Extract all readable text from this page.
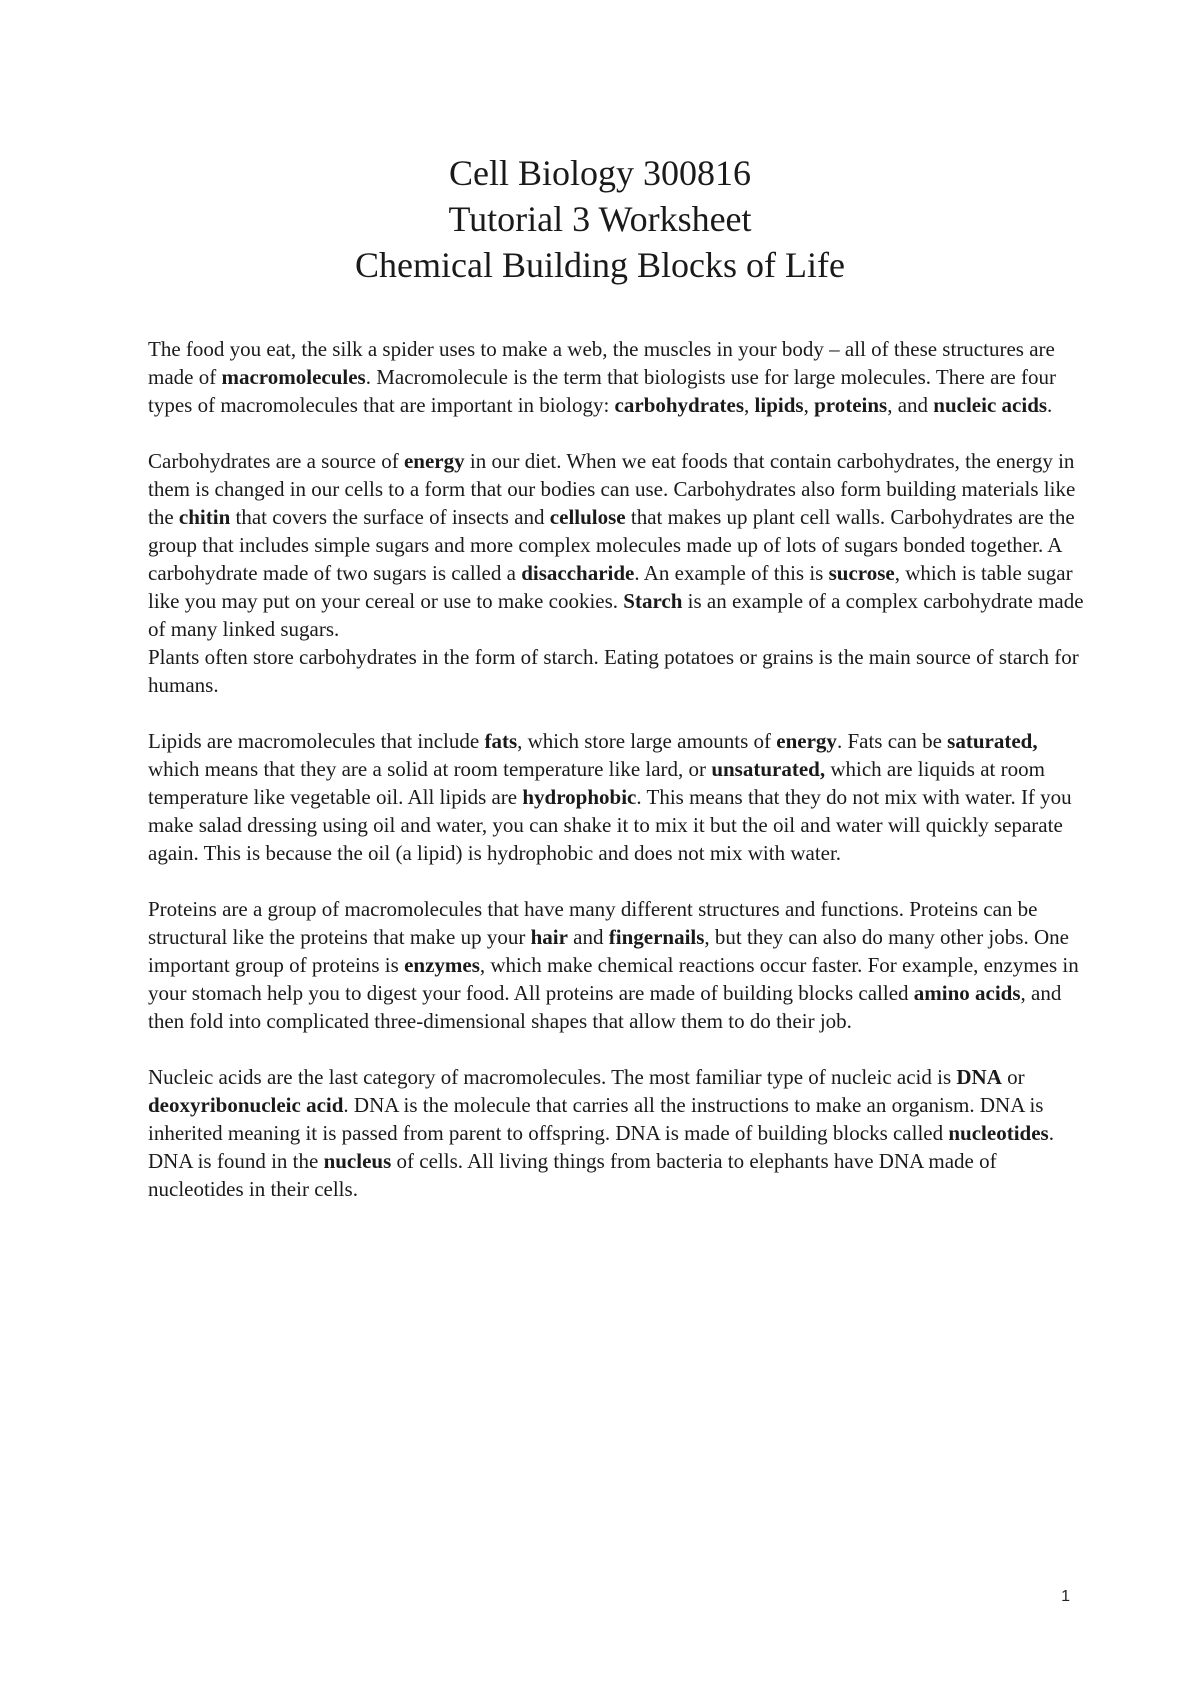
Cell Biology 300816
Tutorial 3 Worksheet
Chemical Building Blocks of Life

The food you eat, the silk a spider uses to make a web, the muscles in your body – all of these structures are made of macromolecules. Macromolecule is the term that biologists use for large molecules. There are four types of macromolecules that are important in biology: carbohydrates, lipids, proteins, and nucleic acids.

Carbohydrates are a source of energy in our diet. When we eat foods that contain carbohydrates, the energy in them is changed in our cells to a form that our bodies can use. Carbohydrates also form building materials like the chitin that covers the surface of insects and cellulose that makes up plant cell walls. Carbohydrates are the group that includes simple sugars and more complex molecules made up of lots of sugars bonded together. A carbohydrate made of two sugars is called a disaccharide. An example of this is sucrose, which is table sugar like you may put on your cereal or use to make cookies. Starch is an example of a complex carbohydrate made of many linked sugars.

Plants often store carbohydrates in the form of starch. Eating potatoes or grains is the main source of starch for humans.

Lipids are macromolecules that include fats, which store large amounts of energy. Fats can be saturated, which means that they are a solid at room temperature like lard, or unsaturated, which are liquids at room temperature like vegetable oil. All lipids are hydrophobic. This means that they do not mix with water. If you make salad dressing using oil and water, you can shake it to mix it but the oil and water will quickly separate again. This is because the oil (a lipid) is hydrophobic and does not mix with water.

Proteins are a group of macromolecules that have many different structures and functions. Proteins can be structural like the proteins that make up your hair and fingernails, but they can also do many other jobs. One important group of proteins is enzymes, which make chemical reactions occur faster. For example, enzymes in your stomach help you to digest your food. All proteins are made of building blocks called amino acids, and then fold into complicated three-dimensional shapes that allow them to do their job.

Nucleic acids are the last category of macromolecules. The most familiar type of nucleic acid is DNA or deoxyribonucleic acid. DNA is the molecule that carries all the instructions to make an organism. DNA is inherited meaning it is passed from parent to offspring. DNA is made of building blocks called nucleotides. DNA is found in the nucleus of cells. All living things from bacteria to elephants have DNA made of nucleotides in their cells.

1
